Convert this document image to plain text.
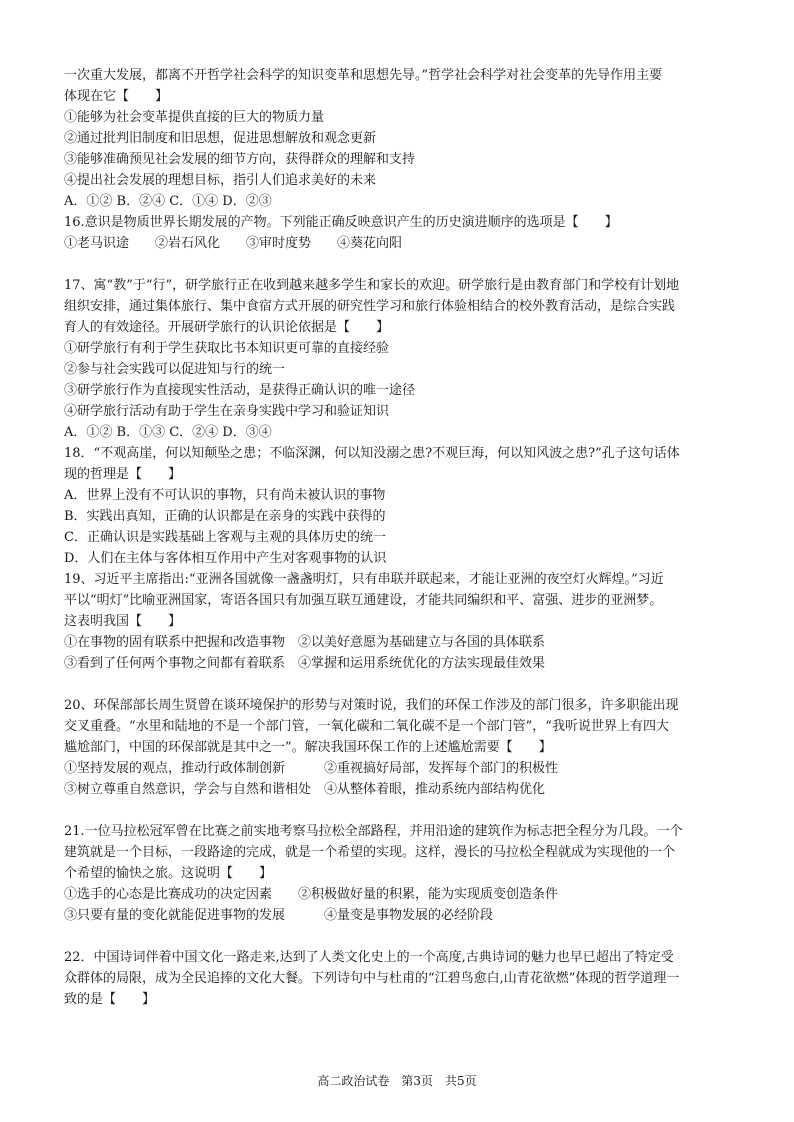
一次重大发展，都离不开哲学社会科学的知识变革和思想先导。”哲学社会科学对社会变革的先导作用主要
体现在它【　　】
①能够为社会变革提供直接的巨大的物质力量
②通过批判旧制度和旧思想，促进思想解放和观念更新
③能够准确预见社会发展的细节方向，获得群众的理解和支持
④提出社会发展的理想目标，指引人们追求美好的未来
A．①② B．②④ C．①④ D．②③
16.意识是物质世界长期发展的产物。下列能正确反映意识产生的历史演进顺序的选项是【　　】
①老马识途　　②岩石风化　　③审时度势　　④葵花向阳

17、寓“教”于“行”，研学旅行正在收到越来越多学生和家长的欢迎。研学旅行是由教育部门和学校有计划地
组织安排，通过集体旅行、集中食宿方式开展的研究性学习和旅行体验相结合的校外教育活动，是综合实践
育人的有效途径。开展研学旅行的认识论依据是【　　】
①研学旅行有利于学生获取比书本知识更可靠的直接经验
②参与社会实践可以促进知与行的统一
③研学旅行作为直接现实性活动，是获得正确认识的唯一途径
④研学旅行活动有助于学生在亲身实践中学习和验证知识
A．①② B．①③ C．②④ D．③④
18．“不观高崖，何以知颠坠之患；不临深渊，何以知没溺之患?不观巨海，何以知风波之患?”孔子这句话体
现的哲理是【　　】
A．世界上没有不可认识的事物，只有尚未被认识的事物
B．实践出真知，正确的认识都是在亲身的实践中获得的
C．正确认识是实践基础上客观与主观的具体历史的统一
D．人们在主体与客体相互作用中产生对客观事物的认识
19、习近平主席指出:“亚洲各国就像一盏盏明灯，只有串联并联起来，才能让亚洲的夜空灯火辉煌。”习近
平以“明灯”比喻亚洲国家，寄语各国只有加强互联互通建设，才能共同编织和平、富强、进步的亚洲梦。
这表明我国【　　】
①在事物的固有联系中把握和改造事物　②以美好意愿为基础建立与各国的具体联系
③看到了任何两个事物之间都有着联系　④掌握和运用系统优化的方法实现最佳效果

20、环保部部长周生贤曾在谈环境保护的形势与对策时说，我们的环保工作涉及的部门很多，许多职能出现
交叉重叠。“水里和陆地的不是一个部门管，一氧化碳和二氧化碳不是一个部门管”，“我听说世界上有四大
尴尬部门，中国的环保部就是其中之一”。解决我国环保工作的上述尴尬需要【　　】
①坚持发展的观点，推动行政体制创新　　　②重视搞好局部，发挥每个部门的积极性
③树立尊重自然意识，学会与自然和谐相处　④从整体着眼，推动系统内部结构优化

21.一位马拉松冠军曾在比赛之前实地考察马拉松全部路程，并用沿途的建筑作为标志把全程分为几段。一个
建筑就是一个目标，一段路途的完成，就是一个希望的实现。这样，漫长的马拉松全程就成为实现他的一个
个希望的愉快之旅。这说明【　　】
①选手的心态是比赛成功的决定因素　　②积极做好量的积累，能为实现质变创造条件
③只要有量的变化就能促进事物的发展　　　④量变是事物发展的必经阶段

22．中国诗词伴着中国文化一路走来,达到了人类文化史上的一个高度,古典诗词的魅力也早已超出了特定受
众群体的局限，成为全民追捧的文化大餐。下列诗句中与杜甫的“江碧鸟愈白,山青花欲燃”体现的哲学道理一
致的是【　　】

高二政治试卷　第3页　共5页
